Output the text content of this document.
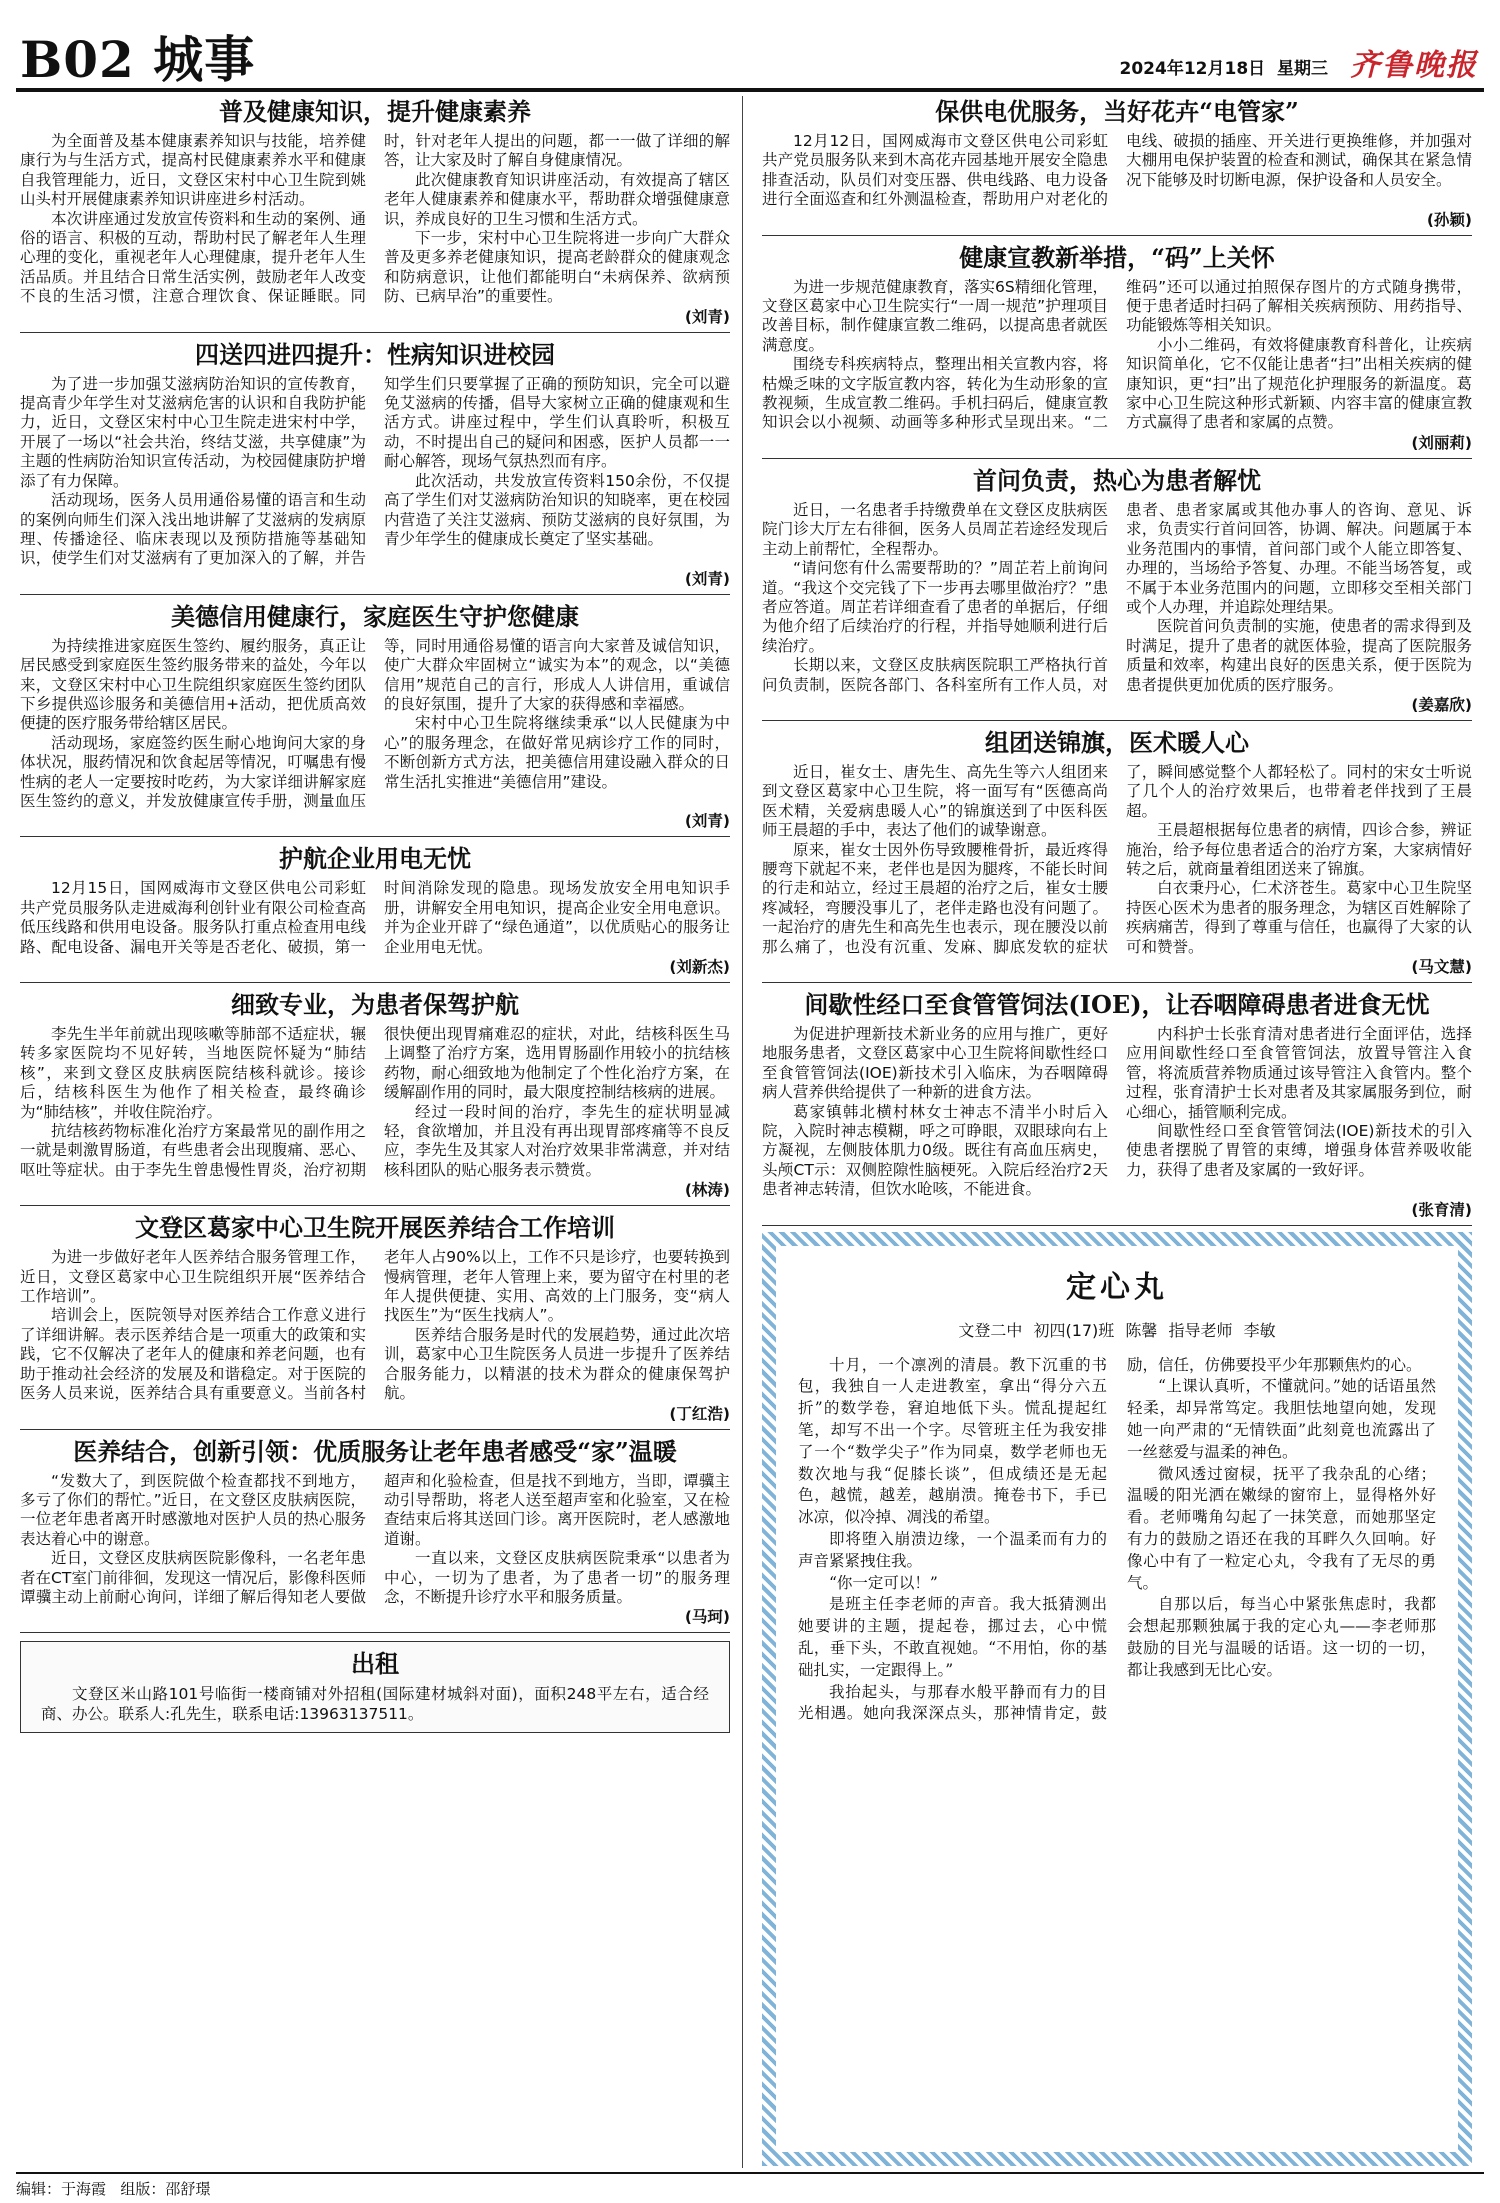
B02 城事	2024年12月18日 星期三 齐鲁晚报
普及健康知识，提升健康素养

为全面普及基本健康素养知识与技能，培养健康行为与生活方式，提高村民健康素养水平和健康自我管理能力，近日，文登区宋村中心卫生院到姚山头村开展健康素养知识讲座进乡村活动。

本次讲座通过发放宣传资料和生动的案例、通俗的语言、积极的互动，帮助村民了解老年人生理心理的变化，重视老年人心理健康，提升老年人生活品质。并且结合日常生活实例，鼓励老年人改变不良的生活习惯，注意合理饮食、保证睡眠。同时，针对老年人提出的问题，都一一做了详细的解答，让大家及时了解自身健康情况。

此次健康教育知识讲座活动，有效提高了辖区老年人健康素养和健康水平，帮助群众增强健康意识，养成良好的卫生习惯和生活方式。

下一步，宋村中心卫生院将进一步向广大群众普及更多养老健康知识，提高老龄群众的健康观念和防病意识，让他们都能明白“未病保养、欲病预防、已病早治”的重要性。

(刘青)
四送四进四提升：性病知识进校园

为了进一步加强艾滋病防治知识的宣传教育，提高青少年学生对艾滋病危害的认识和自我防护能力，近日，文登区宋村中心卫生院走进宋村中学，开展了一场以“社会共治，终结艾滋，共享健康”为主题的性病防治知识宣传活动，为校园健康防护增添了有力保障。

活动现场，医务人员用通俗易懂的语言和生动的案例向师生们深入浅出地讲解了艾滋病的发病原理、传播途径、临床表现以及预防措施等基础知识，使学生们对艾滋病有了更加深入的了解，并告知学生们只要掌握了正确的预防知识，完全可以避免艾滋病的传播，倡导大家树立正确的健康观和生活方式。讲座过程中，学生们认真聆听，积极互动，不时提出自己的疑问和困惑，医护人员都一一耐心解答，现场气氛热烈而有序。

此次活动，共发放宣传资料150余份，不仅提高了学生们对艾滋病防治知识的知晓率，更在校园内营造了关注艾滋病、预防艾滋病的良好氛围，为青少年学生的健康成长奠定了坚实基础。

(刘青)
美德信用健康行，家庭医生守护您健康

为持续推进家庭医生签约、履约服务，真正让居民感受到家庭医生签约服务带来的益处，今年以来，文登区宋村中心卫生院组织家庭医生签约团队下乡提供巡诊服务和美德信用+活动，把优质高效便捷的医疗服务带给辖区居民。

活动现场，家庭签约医生耐心地询问大家的身体状况，服药情况和饮食起居等情况，叮嘱患有慢性病的老人一定要按时吃药，为大家详细讲解家庭医生签约的意义，并发放健康宣传手册，测量血压等，同时用通俗易懂的语言向大家普及诚信知识，使广大群众牢固树立“诚实为本”的观念，以“美德信用”规范自己的言行，形成人人讲信用，重诚信的良好氛围，提升了大家的获得感和幸福感。

宋村中心卫生院将继续秉承“以人民健康为中心”的服务理念，在做好常见病诊疗工作的同时，不断创新方式方法，把美德信用建设融入群众的日常生活扎实推进“美德信用”建设。

(刘青)
护航企业用电无忧

12月15日，国网威海市文登区供电公司彩虹共产党员服务队走进威海利创针业有限公司检查高低压线路和供用电设备。服务队打重点检查用电线路、配电设备、漏电开关等是否老化、破损，第一时间消除发现的隐患。现场发放安全用电知识手册，讲解安全用电知识，提高企业安全用电意识。并为企业开辟了“绿色通道”，以优质贴心的服务让企业用电无忧。

(刘新杰)
细致专业，为患者保驾护航

李先生半年前就出现咳嗽等肺部不适症状，辗转多家医院均不见好转，当地医院怀疑为“肺结核”，来到文登区皮肤病医院结核科就诊。接诊后，结核科医生为他作了相关检查，最终确诊为“肺结核”，并收住院治疗。

抗结核药物标准化治疗方案最常见的副作用之一就是刺激胃肠道，有些患者会出现腹痛、恶心、呕吐等症状。由于李先生曾患慢性胃炎，治疗初期很快便出现胃痛难忍的症状，对此，结核科医生马上调整了治疗方案，选用胃肠副作用较小的抗结核药物，耐心细致地为他制定了个性化治疗方案，在缓解副作用的同时，最大限度控制结核病的进展。

经过一段时间的治疗，李先生的症状明显减轻，食欲增加，并且没有再出现胃部疼痛等不良反应，李先生及其家人对治疗效果非常满意，并对结核科团队的贴心服务表示赞赏。

(林涛)
文登区葛家中心卫生院开展医养结合工作培训

为进一步做好老年人医养结合服务管理工作，近日，文登区葛家中心卫生院组织开展“医养结合工作培训”。

培训会上，医院领导对医养结合工作意义进行了详细讲解。表示医养结合是一项重大的政策和实践，它不仅解决了老年人的健康和养老问题，也有助于推动社会经济的发展及和谐稳定。对于医院的医务人员来说，医养结合具有重要意义。当前各村老年人占90%以上，工作不只是诊疗，也要转换到慢病管理，老年人管理上来，要为留守在村里的老年人提供便捷、实用、高效的上门服务，变“病人找医生”为“医生找病人”。

医养结合服务是时代的发展趋势，通过此次培训，葛家中心卫生院医务人员进一步提升了医养结合服务能力，以精湛的技术为群众的健康保驾护航。

(丁红浩)
医养结合，创新引领：优质服务让老年患者感受“家”温暖

“发数大了，到医院做个检查都找不到地方，多亏了你们的帮忙。”近日，在文登区皮肤病医院，一位老年患者离开时感激地对医护人员的热心服务表达着心中的谢意。

近日，文登区皮肤病医院影像科，一名老年患者在CT室门前徘徊，发现这一情况后，影像科医师谭骥主动上前耐心询问，详细了解后得知老人要做超声和化验检查，但是找不到地方，当即，谭骥主动引导帮助，将老人送至超声室和化验室，又在检查结束后将其送回门诊。离开医院时，老人感激地道谢。

一直以来，文登区皮肤病医院秉承“以患者为中心，一切为了患者，为了患者一切”的服务理念，不断提升诊疗水平和服务质量。

(马珂)
出租
文登区米山路101号临街一楼商铺对外招租(国际建材城斜对面)，面积248平左右，适合经商、办公。联系人:孔先生，联系电话:13963137511。
保供电优服务，当好花卉“电管家”

12月12日，国网威海市文登区供电公司彩虹共产党员服务队来到木高花卉园基地开展安全隐患排查活动，队员们对变压器、供电线路、电力设备进行全面巡查和红外测温检查，帮助用户对老化的电线、破损的插座、开关进行更换维修，并加强对大棚用电保护装置的检查和测试，确保其在紧急情况下能够及时切断电源，保护设备和人员安全。

(孙颖)
健康宣教新举措，“码”上关怀

为进一步规范健康教育，落实6S精细化管理，文登区葛家中心卫生院实行“一周一规范”护理项目改善目标，制作健康宣教二维码，以提高患者就医满意度。

围绕专科疾病特点，整理出相关宣教内容，将枯燥乏味的文字版宣教内容，转化为生动形象的宣教视频，生成宣教二维码。手机扫码后，健康宣教知识会以小视频、动画等多种形式呈现出来。“二维码”还可以通过拍照保存图片的方式随身携带，便于患者适时扫码了解相关疾病预防、用药指导、功能锻炼等相关知识。

小小二维码，有效将健康教育科普化，让疾病知识简单化，它不仅能让患者“扫”出相关疾病的健康知识，更“扫”出了规范化护理服务的新温度。葛家中心卫生院这种形式新颖、内容丰富的健康宣教方式赢得了患者和家属的点赞。

(刘丽莉)
首问负责，热心为患者解忧

近日，一名患者手持缴费单在文登区皮肤病医院门诊大厅左右徘徊，医务人员周芷若途经发现后主动上前帮忙，全程帮办。

“请问您有什么需要帮助的？”周芷若上前询问道。“我这个交完钱了下一步再去哪里做治疗？”患者应答道。周芷若详细查看了患者的单据后，仔细为他介绍了后续治疗的行程，并指导她顺利进行后续治疗。

长期以来，文登区皮肤病医院职工严格执行首问负责制，医院各部门、各科室所有工作人员，对患者、患者家属或其他办事人的咨询、意见、诉求，负责实行首问回答，协调、解决。问题属于本业务范围内的事情，首问部门或个人能立即答复、办理的，当场给予答复、办理。不能当场答复，或不属于本业务范围内的问题，立即移交至相关部门或个人办理，并追踪处理结果。

医院首问负责制的实施，使患者的需求得到及时满足，提升了患者的就医体验，提高了医院服务质量和效率，构建出良好的医患关系，便于医院为患者提供更加优质的医疗服务。

(姜嘉欣)
组团送锦旗，医术暖人心

近日，崔女士、唐先生、高先生等六人组团来到文登区葛家中心卫生院，将一面写有“医德高尚医术精，关爱病患暖人心”的锦旗送到了中医科医师王晨超的手中，表达了他们的诚挚谢意。

原来，崔女士因外伤导致腰椎骨折，最近疼得腰弯下就起不来，老伴也是因为腿疼，不能长时间的行走和站立，经过王晨超的治疗之后，崔女士腰疼减轻，弯腰没事儿了，老伴走路也没有问题了。一起治疗的唐先生和高先生也表示，现在腰没以前那么痛了，也没有沉重、发麻、脚底发软的症状了，瞬间感觉整个人都轻松了。同村的宋女士听说了几个人的治疗效果后，也带着老伴找到了王晨超。

王晨超根据每位患者的病情，四诊合参，辨证施治，给予每位患者适合的治疗方案，大家病情好转之后，就商量着组团送来了锦旗。

白衣秉丹心，仁术济苍生。葛家中心卫生院坚持医心医术为患者的服务理念，为辖区百姓解除了疾病痛苦，得到了尊重与信任，也赢得了大家的认可和赞誉。

(马文慧)
间歇性经口至食管管饲法(IOE)，让吞咽障碍患者进食无忧

为促进护理新技术新业务的应用与推广，更好地服务患者，文登区葛家中心卫生院将间歇性经口至食管管饲法(IOE)新技术引入临床，为吞咽障碍病人营养供给提供了一种新的进食方法。

葛家镇韩北横村林女士神志不清半小时后入院，入院时神志模糊，呼之可睁眼，双眼球向右上方凝视，左侧肢体肌力0级。既往有高血压病史，头颅CT示：双侧腔隙性脑梗死。入院后经治疗2天患者神志转清，但饮水呛咳，不能进食。

内科护士长张育清对患者进行全面评估，选择应用间歇性经口至食管管饲法，放置导管注入食管，将流质营养物质通过该导管注入食管内。整个过程，张育清护士长对患者及其家属服务到位，耐心细心，插管顺利完成。

间歇性经口至食管管饲法(IOE)新技术的引入使患者摆脱了胃管的束缚，增强身体营养吸收能力，获得了患者及家属的一致好评。

(张育清)
定心丸
文登二中 初四(17)班 陈馨 指导老师 李敏

十月，一个凛冽的清晨。教下沉重的书包，我独自一人走进教室，拿出“得分六五折”的数学卷，窘迫地低下头。慌乱提起红笔，却写不出一个字。尽管班主任为我安排了一个“数学尖子”作为同桌，数学老师也无数次地与我“促膝长谈”，但成绩还是无起色，越慌，越差，越崩溃。掩卷书下，手已冰凉，似冷掉、凋浅的希望。

即将堕入崩溃边缘，一个温柔而有力的声音紧紧拽住我。

“你一定可以！”

是班主任李老师的声音。我大抵猜测出她要讲的主题，提起卷，挪过去，心中慌乱，垂下头，不敢直视她。“不用怕，你的基础扎实，一定跟得上。”

我抬起头，与那春水般平静而有力的目光相遇。她向我深深点头，那神情肯定，鼓励，信任，仿佛要投平少年那颗焦灼的心。

“上课认真听，不懂就问。”她的话语虽然轻柔，却异常笃定。我胆怯地望向她，发现她一向严肃的“无情铁面”此刻竟也流露出了一丝慈爱与温柔的神色。

微风透过窗棂，抚平了我杂乱的心绪；温暖的阳光洒在嫩绿的窗帘上，显得格外好看。老师嘴角勾起了一抹笑意，而她那坚定有力的鼓励之语还在我的耳畔久久回响。好像心中有了一粒定心丸，令我有了无尽的勇气。

自那以后，每当心中紧张焦虑时，我都会想起那颗独属于我的定心丸——李老师那鼓励的目光与温暖的话语。这一切的一切，都让我感到无比心安。

编辑：于海霞 组版：邵舒璟
